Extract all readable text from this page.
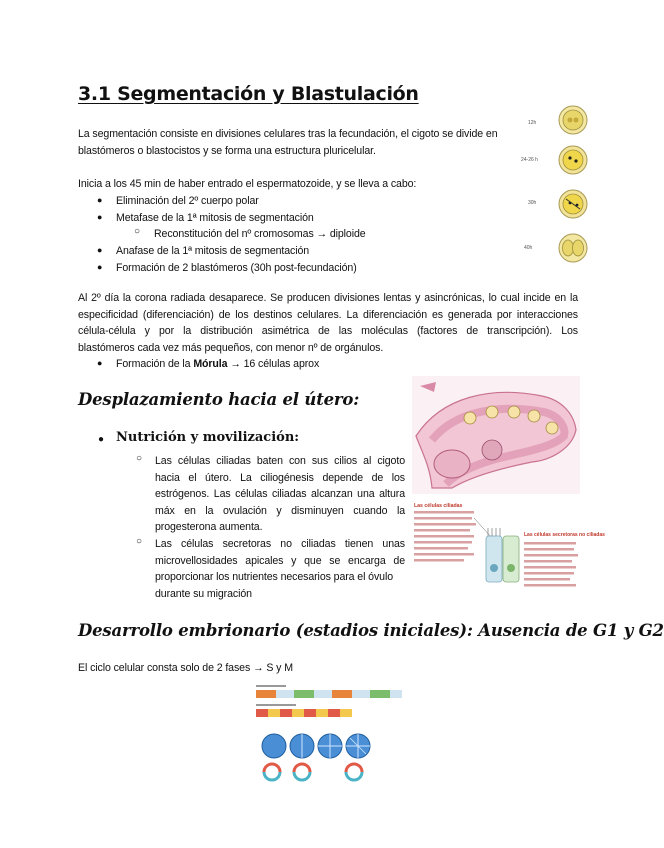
3.1 Segmentación y Blastulación
La segmentación consiste en divisiones celulares tras la fecundación, el cigoto se divide en
blastómeros o blastocistos y se forma una estructura pluricelular.
Inicia a los 45 min de haber entrado el espermatozoide, y se lleva a cabo:
● Eliminación del 2º cuerpo polar
● Metafase de la 1ª mitosis de segmentación
○ Reconstitución del nº cromosomas → diploide
● Anafase de la 1ª mitosis de segmentación
● Formación de 2 blastómeros (30h post-fecundación)
12h
24-26 h
30h
40h
Al 2º día la corona radiada desaparece. Se producen divisiones lentas y asincrónicas, lo cual incide en la
especificidad (diferenciación) de los destinos celulares. La diferenciación es generada por interacciones
célula-célula y por la distribución asimétrica de las moléculas (factores de transcripción). Los
blastómeros cada vez más pequeños, con menor nº de orgánulos.
● Formación de la Mórula → 16 células aprox
Desplazamiento hacia el útero:
● Nutrición y movilización:
○ Las células ciliadas baten con sus cilios al cigoto
hacia el útero. La ciliogénesis depende de los
estrógenos. Las células ciliadas alcanzan una altura
máx en la ovulación y disminuyen cuando la
progesterona aumenta.
○ Las células secretoras no ciliadas tienen unas
microvellosidades apicales y que se encarga de
proporcionar los nutrientes necesarios para el óvulo
durante su migración
Las células ciliadas
Las células secretoras no ciliadas
Desarrollo embrionario (estadios iniciales): Ausencia de G1 y G2
El ciclo celular consta solo de 2 fases → S y M
